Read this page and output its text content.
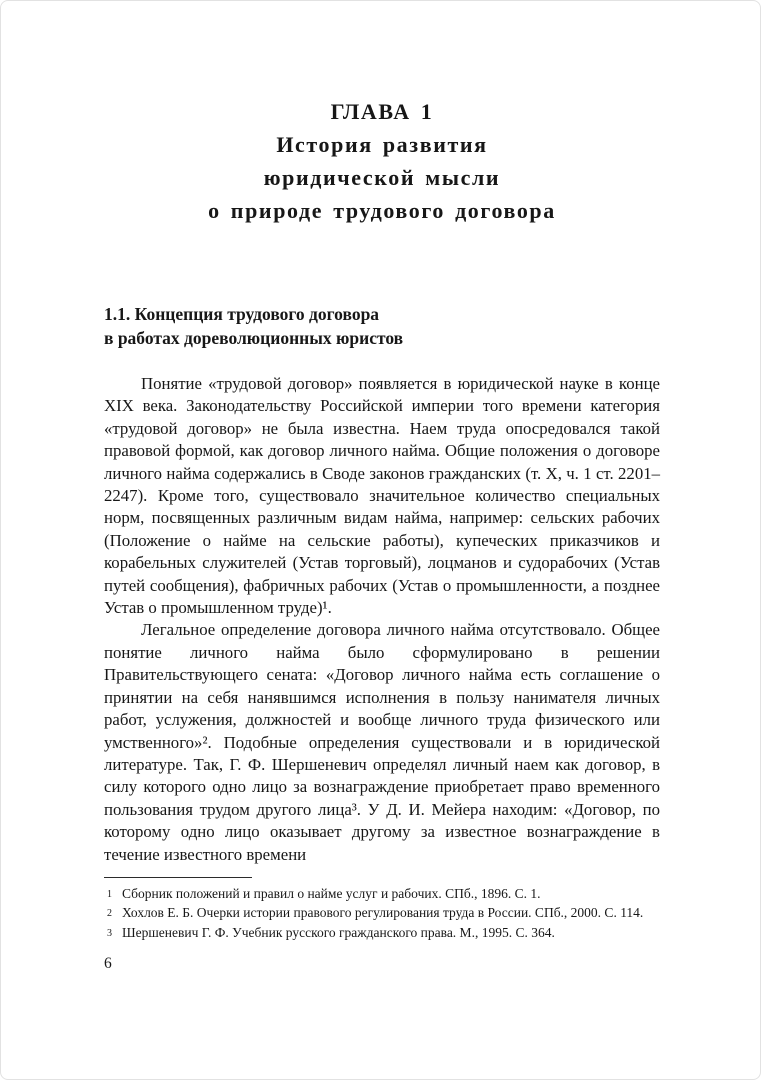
ГЛАВА 1
История развития
юридической мысли
о природе трудового договора
1.1. Концепция трудового договора
в работах дореволюционных юристов

Понятие «трудовой договор» появляется в юридической науке в конце XIX века. Законодательству Российской империи того времени категория «трудовой договор» не была известна. Наем труда опосредовался такой правовой формой, как договор личного найма. Общие положения о договоре личного найма содержались в Своде законов гражданских (т. X, ч. 1 ст. 2201–2247). Кроме того, существовало значительное количество специальных норм, посвященных различным видам найма, например: сельских рабочих (Положение о найме на сельские работы), купеческих приказчиков и корабельных служителей (Устав торговый), лоцманов и судорабочих (Устав путей сообщения), фабричных рабочих (Устав о промышленности, а позднее Устав о промышленном труде)¹.

Легальное определение договора личного найма отсутствовало. Общее понятие личного найма было сформулировано в решении Правительствующего сената: «Договор личного найма есть соглашение о принятии на себя нанявшимся исполнения в пользу нанимателя личных работ, услужения, должностей и вообще личного труда физического или умственного»². Подобные определения существовали и в юридической литературе. Так, Г. Ф. Шершеневич определял личный наем как договор, в силу которого одно лицо за вознаграждение приобретает право временного пользования трудом другого лица³. У Д. И. Мейера находим: «Договор, по которому одно лицо оказывает другому за известное вознаграждение в течение известного времени

1 Сборник положений и правил о найме услуг и рабочих. СПб., 1896. С. 1.
2 Хохлов Е. Б. Очерки истории правового регулирования труда в России. СПб., 2000. С. 114.
3 Шершеневич Г. Ф. Учебник русского гражданского права. М., 1995. С. 364.
6
